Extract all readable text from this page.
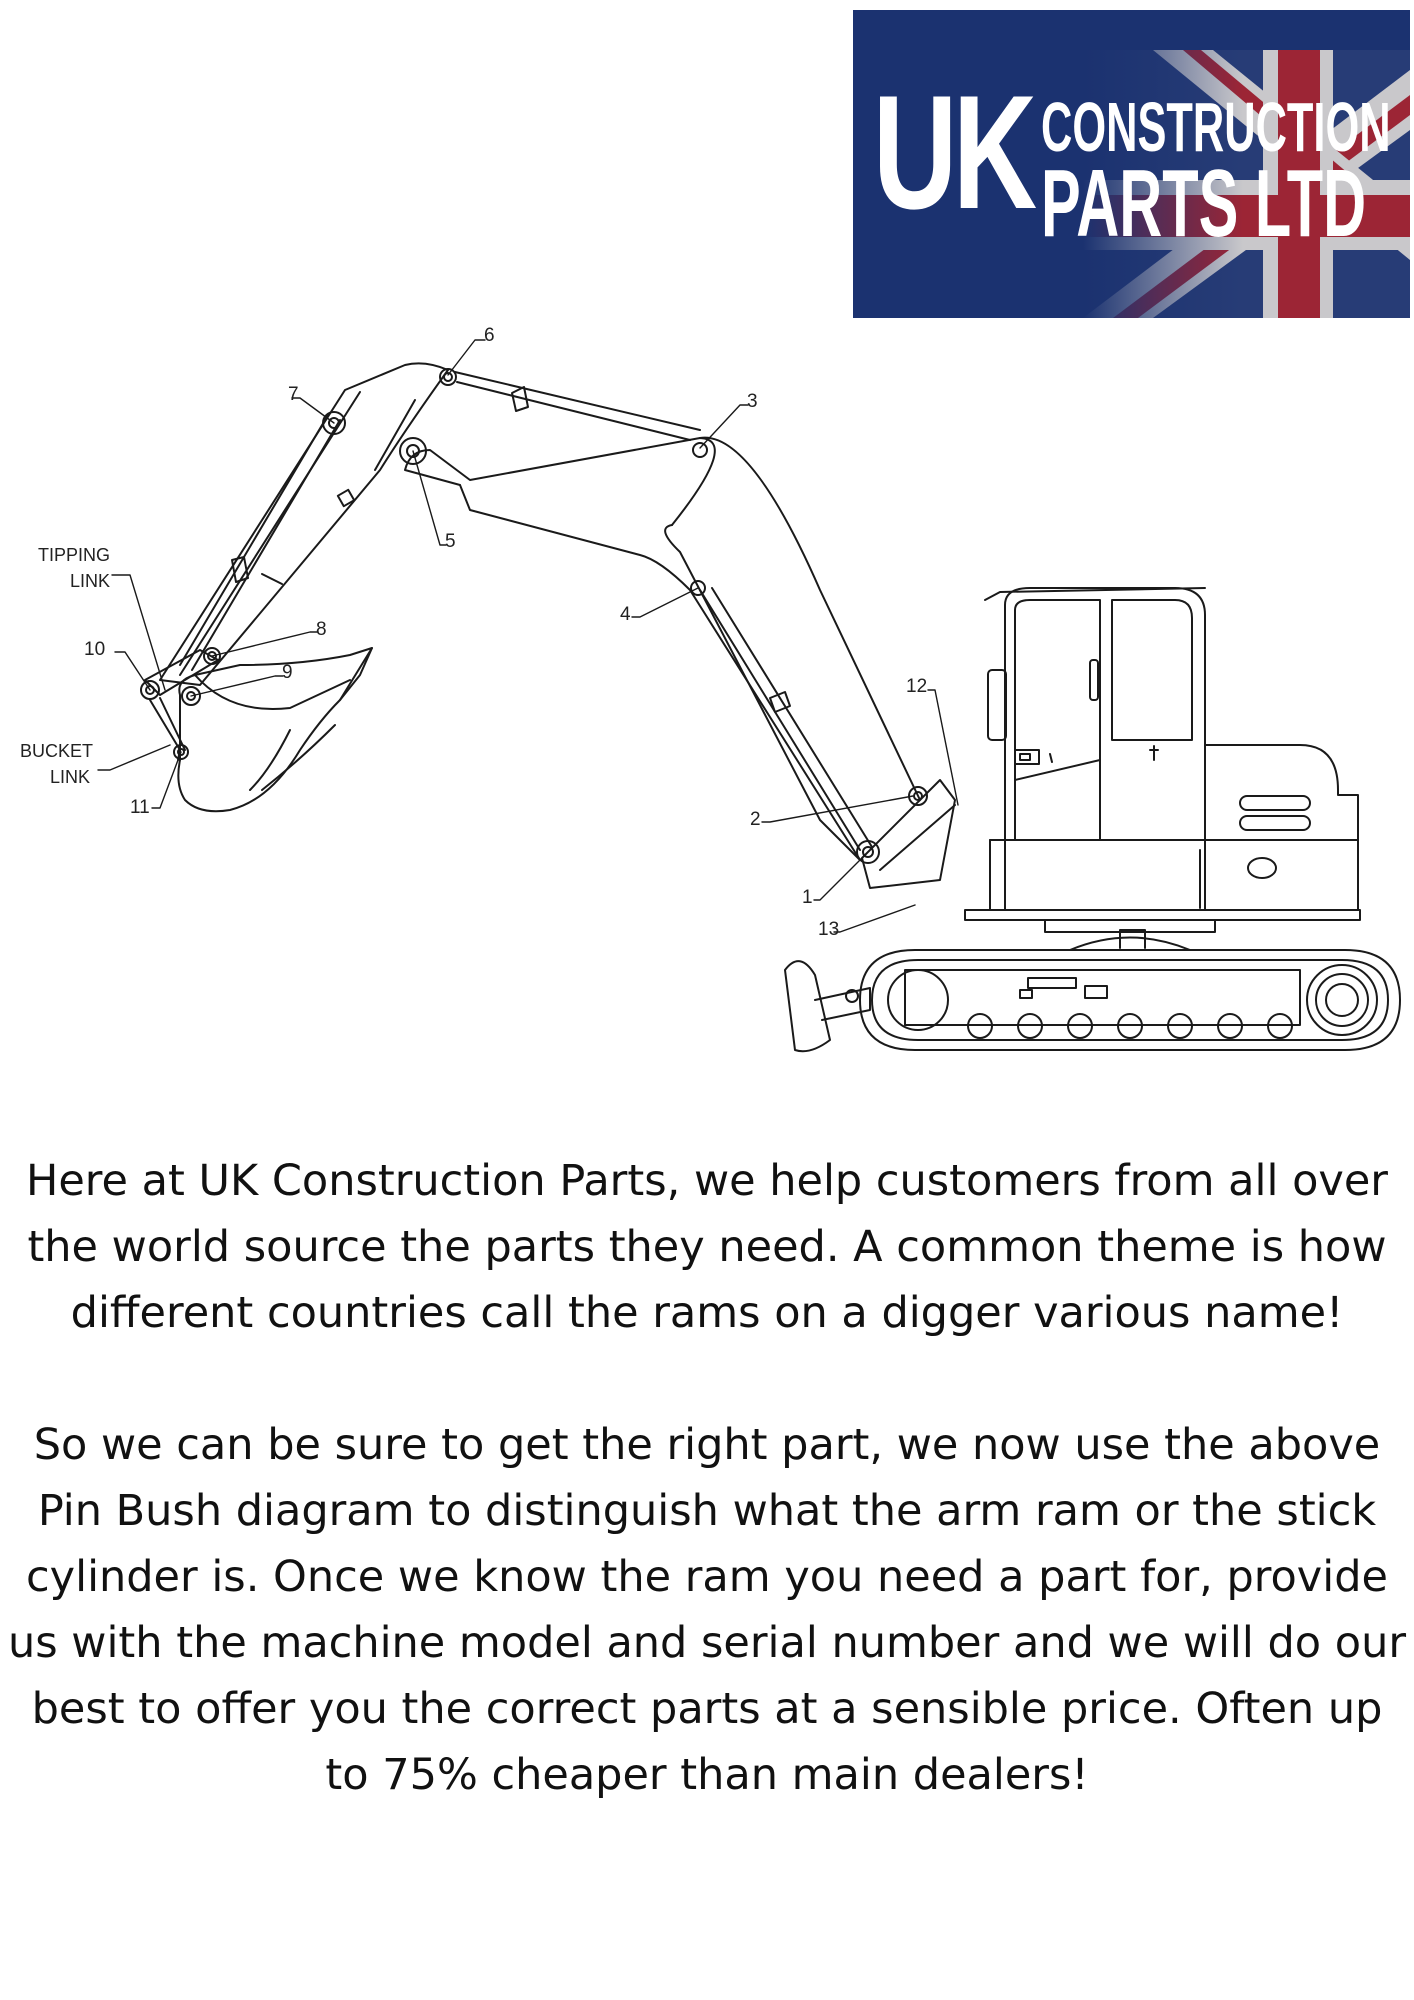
UK CONSTRUCTION
PARTS LTD
6
3
7
5
4
12
2
1
13
8
9
10
11
TIPPING
LINK
BUCKET
LINK

Here at UK Construction Parts, we help customers from all over the world source the parts they need. A common theme is how different countries call the rams on a digger various name!

So we can be sure to get the right part, we now use the above Pin Bush diagram to distinguish what the arm ram or the stick cylinder is. Once we know the ram you need a part for, provide us with the machine model and serial number and we will do our best to offer you the correct parts at a sensible price. Often up to 75% cheaper than main dealers!
